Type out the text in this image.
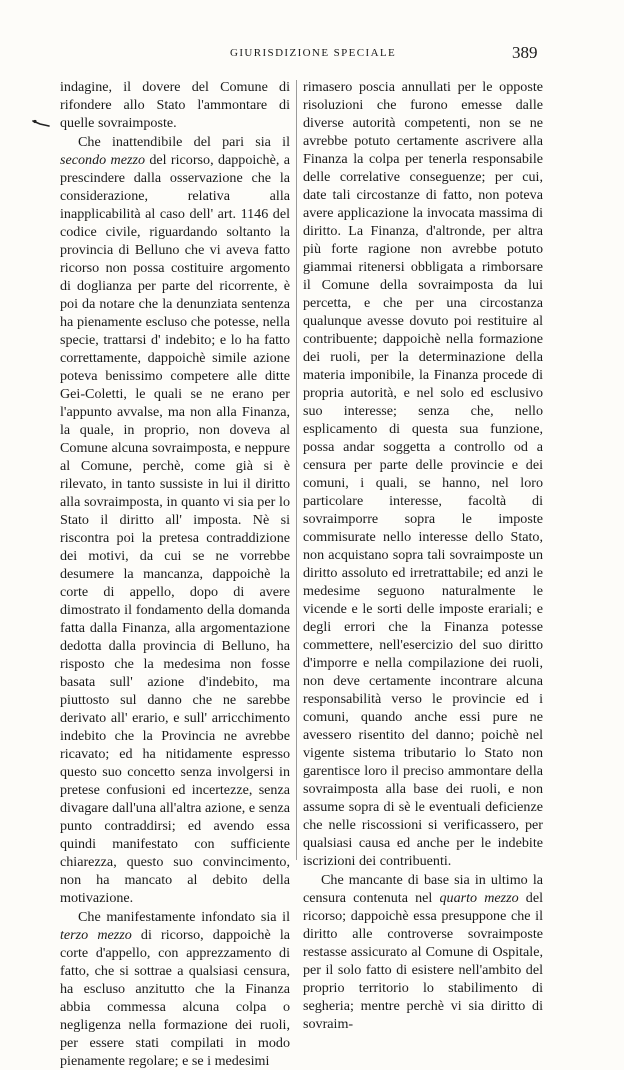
GIURISDIZIONE SPECIALE	389

indagine, il dovere del Comune di rifondere allo Stato l'ammontare di quelle sovraimposte.

Che inattendibile del pari sia il secondo mezzo del ricorso, dappoichè, a prescindere dalla osservazione che la considerazione, relativa alla inapplicabilità al caso dell' art. 1146 del codice civile, riguardando soltanto la provincia di Belluno che vi aveva fatto ricorso non possa costituire argomento di doglianza per parte del ricorrente, è poi da notare che la denunziata sentenza ha pienamente escluso che potesse, nella specie, trattarsi d' indebito; e lo ha fatto correttamente, dappoichè simile azione poteva benissimo competere alle ditte Gei-Coletti, le quali se ne erano per l'appunto avvalse, ma non alla Finanza, la quale, in proprio, non doveva al Comune alcuna sovraimposta, e neppure al Comune, perchè, come già si è rilevato, in tanto sussiste in lui il diritto alla sovraimposta, in quanto vi sia per lo Stato il diritto all' imposta. Nè si riscontra poi la pretesa contraddizione dei motivi, da cui se ne vorrebbe desumere la mancanza, dappoichè la corte di appello, dopo di avere dimostrato il fondamento della domanda fatta dalla Finanza, alla argomentazione dedotta dalla provincia di Belluno, ha risposto che la medesima non fosse basata sull' azione d'indebito, ma piuttosto sul danno che ne sarebbe derivato all' erario, e sull' arricchimento indebito che la Provincia ne avrebbe ricavato; ed ha nitidamente espresso questo suo concetto senza involgersi in pretese confusioni ed incertezze, senza divagare dall'una all'altra azione, e senza punto contraddirsi; ed avendo essa quindi manifestato con sufficiente chiarezza, questo suo convincimento, non ha mancato al debito della motivazione.

Che manifestamente infondato sia il terzo mezzo di ricorso, dappoichè la corte d'appello, con apprezzamento di fatto, che si sottrae a qualsiasi censura, ha escluso anzitutto che la Finanza abbia commessa alcuna colpa o negligenza nella formazione dei ruoli, per essere stati compilati in modo pienamente regolare; e se i medesimi

rimasero poscia annullati per le opposte risoluzioni che furono emesse dalle diverse autorità competenti, non se ne avrebbe potuto certamente ascrivere alla Finanza la colpa per tenerla responsabile delle correlative conseguenze; per cui, date tali circostanze di fatto, non poteva avere applicazione la invocata massima di diritto. La Finanza, d'altronde, per altra più forte ragione non avrebbe potuto giammai ritenersi obbligata a rimborsare il Comune della sovraimposta da lui percetta, e che per una circostanza qualunque avesse dovuto poi restituire al contribuente; dappoichè nella formazione dei ruoli, per la determinazione della materia imponibile, la Finanza procede di propria autorità, e nel solo ed esclusivo suo interesse; senza che, nello esplicamento di questa sua funzione, possa andar soggetta a controllo od a censura per parte delle provincie e dei comuni, i quali, se hanno, nel loro particolare interesse, facoltà di sovraimporre sopra le imposte commisurate nello interesse dello Stato, non acquistano sopra tali sovraimposte un diritto assoluto ed irretrattabile; ed anzi le medesime seguono naturalmente le vicende e le sorti delle imposte erariali; e degli errori che la Finanza potesse commettere, nell'esercizio del suo diritto d'imporre e nella compilazione dei ruoli, non deve certamente incontrare alcuna responsabilità verso le provincie ed i comuni, quando anche essi pure ne avessero risentito del danno; poichè nel vigente sistema tributario lo Stato non garentisce loro il preciso ammontare della sovraimposta alla base dei ruoli, e non assume sopra di sè le eventuali deficienze che nelle riscossioni si verificassero, per qualsiasi causa ed anche per le indebite iscrizioni dei contribuenti.

Che mancante di base sia in ultimo la censura contenuta nel quarto mezzo del ricorso; dappoichè essa presuppone che il diritto alle controverse sovraimposte restasse assicurato al Comune di Ospitale, per il solo fatto di esistere nell'ambito del proprio territorio lo stabilimento di segheria; mentre perchè vi sia diritto di sovraim-
